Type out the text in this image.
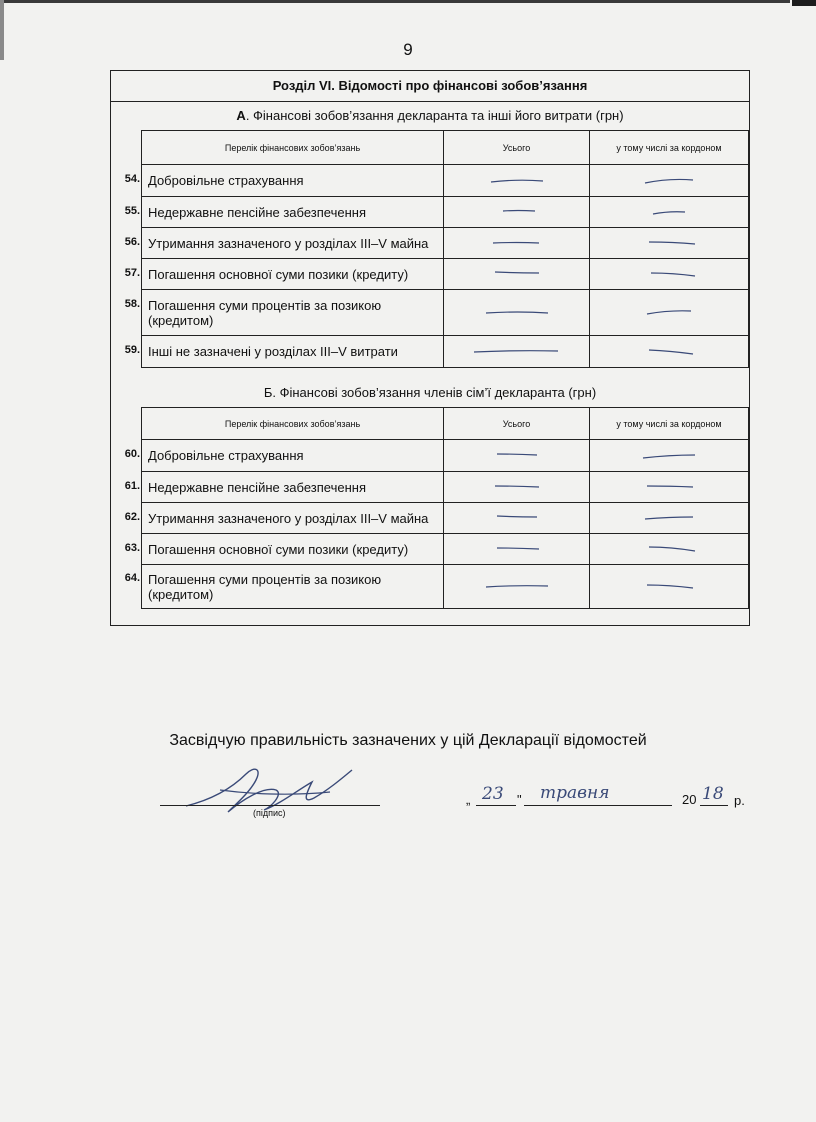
9
Розділ VI. Відомості про фінансові зобов’язання
А. Фінансові зобов’язання декларанта та інші його витрати (грн)
Перелік фінансових зобов’язань	Усього	у тому числі за кордоном

54. Добровільне страхування	

55. Недержавне пенсійне забезпечення	

56. Утримання зазначеного у розділах III–V майна	

57. Погашення основної суми позики (кредиту)	

58. Погашення суми процентів за позикою (кредитом)	

59. Інші не зазначені у розділах III–V витрати	

Б. Фінансові зобов’язання членів сім’ї декларанта (грн)
Перелік фінансових зобов’язань	Усього	у тому числі за кордоном

60. Добровільне страхування	

61. Недержавне пенсійне забезпечення	

62. Утримання зазначеного у розділах III–V майна	

63. Погашення основної суми позики (кредиту)	

64. Погашення суми процентів за позикою (кредитом)	

Засвідчую правильність зазначених у цій Декларації відомостей
(підпис)
„ 23 " травня	20 18 р.
